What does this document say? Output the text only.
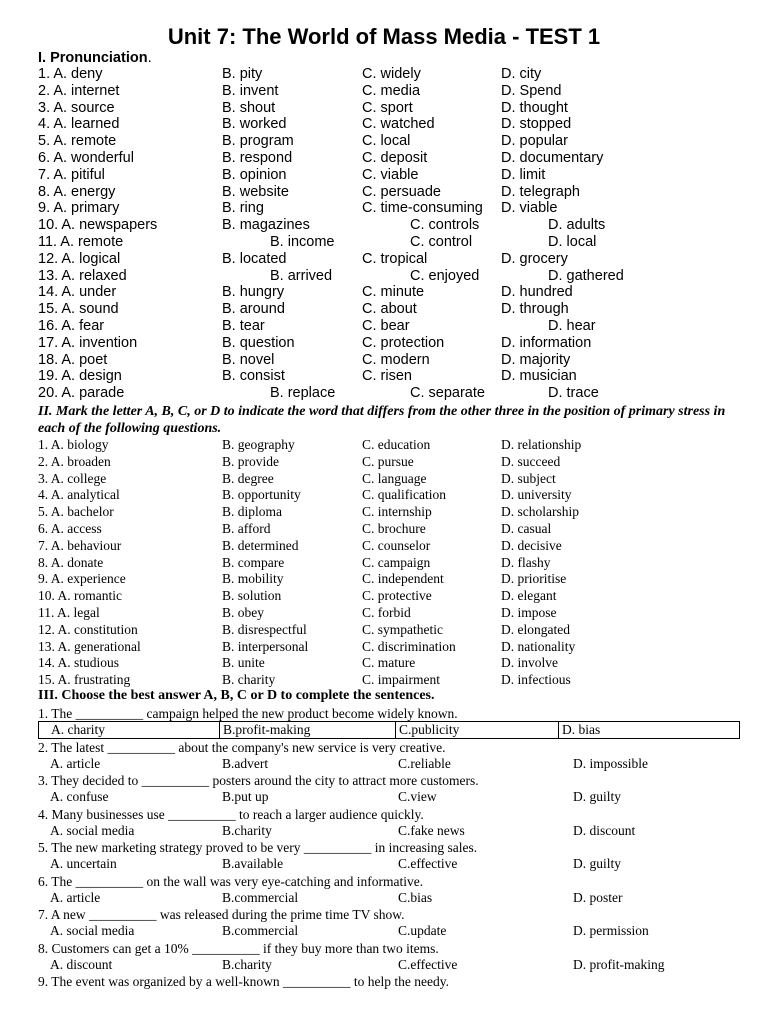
Unit 7: The World of Mass Media - TEST 1
I. Pronunciation.
1. A. deny	B. pity	C. widely	D. city
2. A. internet	B. invent	C. media	D. Spend
3. A. source	B. shout	C. sport	D. thought
4. A. learned	B. worked	C. watched	D. stopped
5. A. remote	B. program	C. local	D. popular
6. A. wonderful	B. respond	C. deposit	D. documentary
7. A. pitiful	B. opinion	C. viable	D. limit
8. A. energy	B. website	C. persuade	D. telegraph
9. A. primary	B. ring	C. time-consuming D. viable
10. A. newspapers	B. magazines	C. controls	D. adults
11. A. remote	B. income	C. control	D. local
12. A. logical	B. located	C. tropical	D. grocery
13. A. relaxed	B. arrived	C. enjoyed	D. gathered
14. A. under	B. hungry	C. minute	D. hundred
15. A. sound	B. around	C. about	D. through
16. A. fear	B. tear	C. bear	D. hear
17. A. invention	B. question	C. protection	D. information
18. A. poet	B. novel	C. modern	D. majority
19. A. design	B. consist	C. risen	D. musician
20. A. parade	B. replace	C. separate	D. trace
II. Mark the letter A, B, C, or D to indicate the word that differs from the other three in the position of primary stress in each of the following questions.
1. A. biology	B. geography	C. education	D. relationship
2. A. broaden	B. provide	C. pursue	D. succeed
3. A. college	B. degree	C. language	D. subject
4. A. analytical	B. opportunity	C. qualification	D. university
5. A. bachelor	B. diploma	C. internship	D. scholarship
6. A. access	B. afford	C. brochure	D. casual
7. A. behaviour	B. determined	C. counselor	D. decisive
8. A. donate	B. compare	C. campaign	D. flashy
9. A. experience	B. mobility	C. independent	D. prioritise
10. A. romantic	B. solution	C. protective	D. elegant
11. A. legal	B. obey	C. forbid	D. impose
12. A. constitution	B. disrespectful	C. sympathetic	D. elongated
13. A. generational	B. interpersonal	C. discrimination	D. nationality
14. A. studious	B. unite	C. mature	D. involve
15. A. frustrating	B. charity	C. impairment	D. infectious
III. Choose the best answer A, B, C or D to complete the sentences.
1. The __________ campaign helped the new product become widely known.
A. charity	B.profit-making	C.publicity	D. bias
2. The latest __________ about the company's new service is very creative.
A. article	B.advert	C.reliable	D. impossible
3. They decided to __________ posters around the city to attract more customers.
A. confuse	B.put up	C.view	D. guilty
4. Many businesses use __________ to reach a larger audience quickly.
A. social media	B.charity	C.fake news	D. discount
5. The new marketing strategy proved to be very __________ in increasing sales.
A. uncertain	B.available	C.effective	D. guilty
6. The __________ on the wall was very eye-catching and informative.
A. article	B.commercial	C.bias	D. poster
7. A new __________ was released during the prime time TV show.
A. social media	B.commercial	C.update	D. permission
8. Customers can get a 10% __________ if they buy more than two items.
A. discount	B.charity	C.effective	D. profit-making
9. The event was organized by a well-known __________ to help the needy.
